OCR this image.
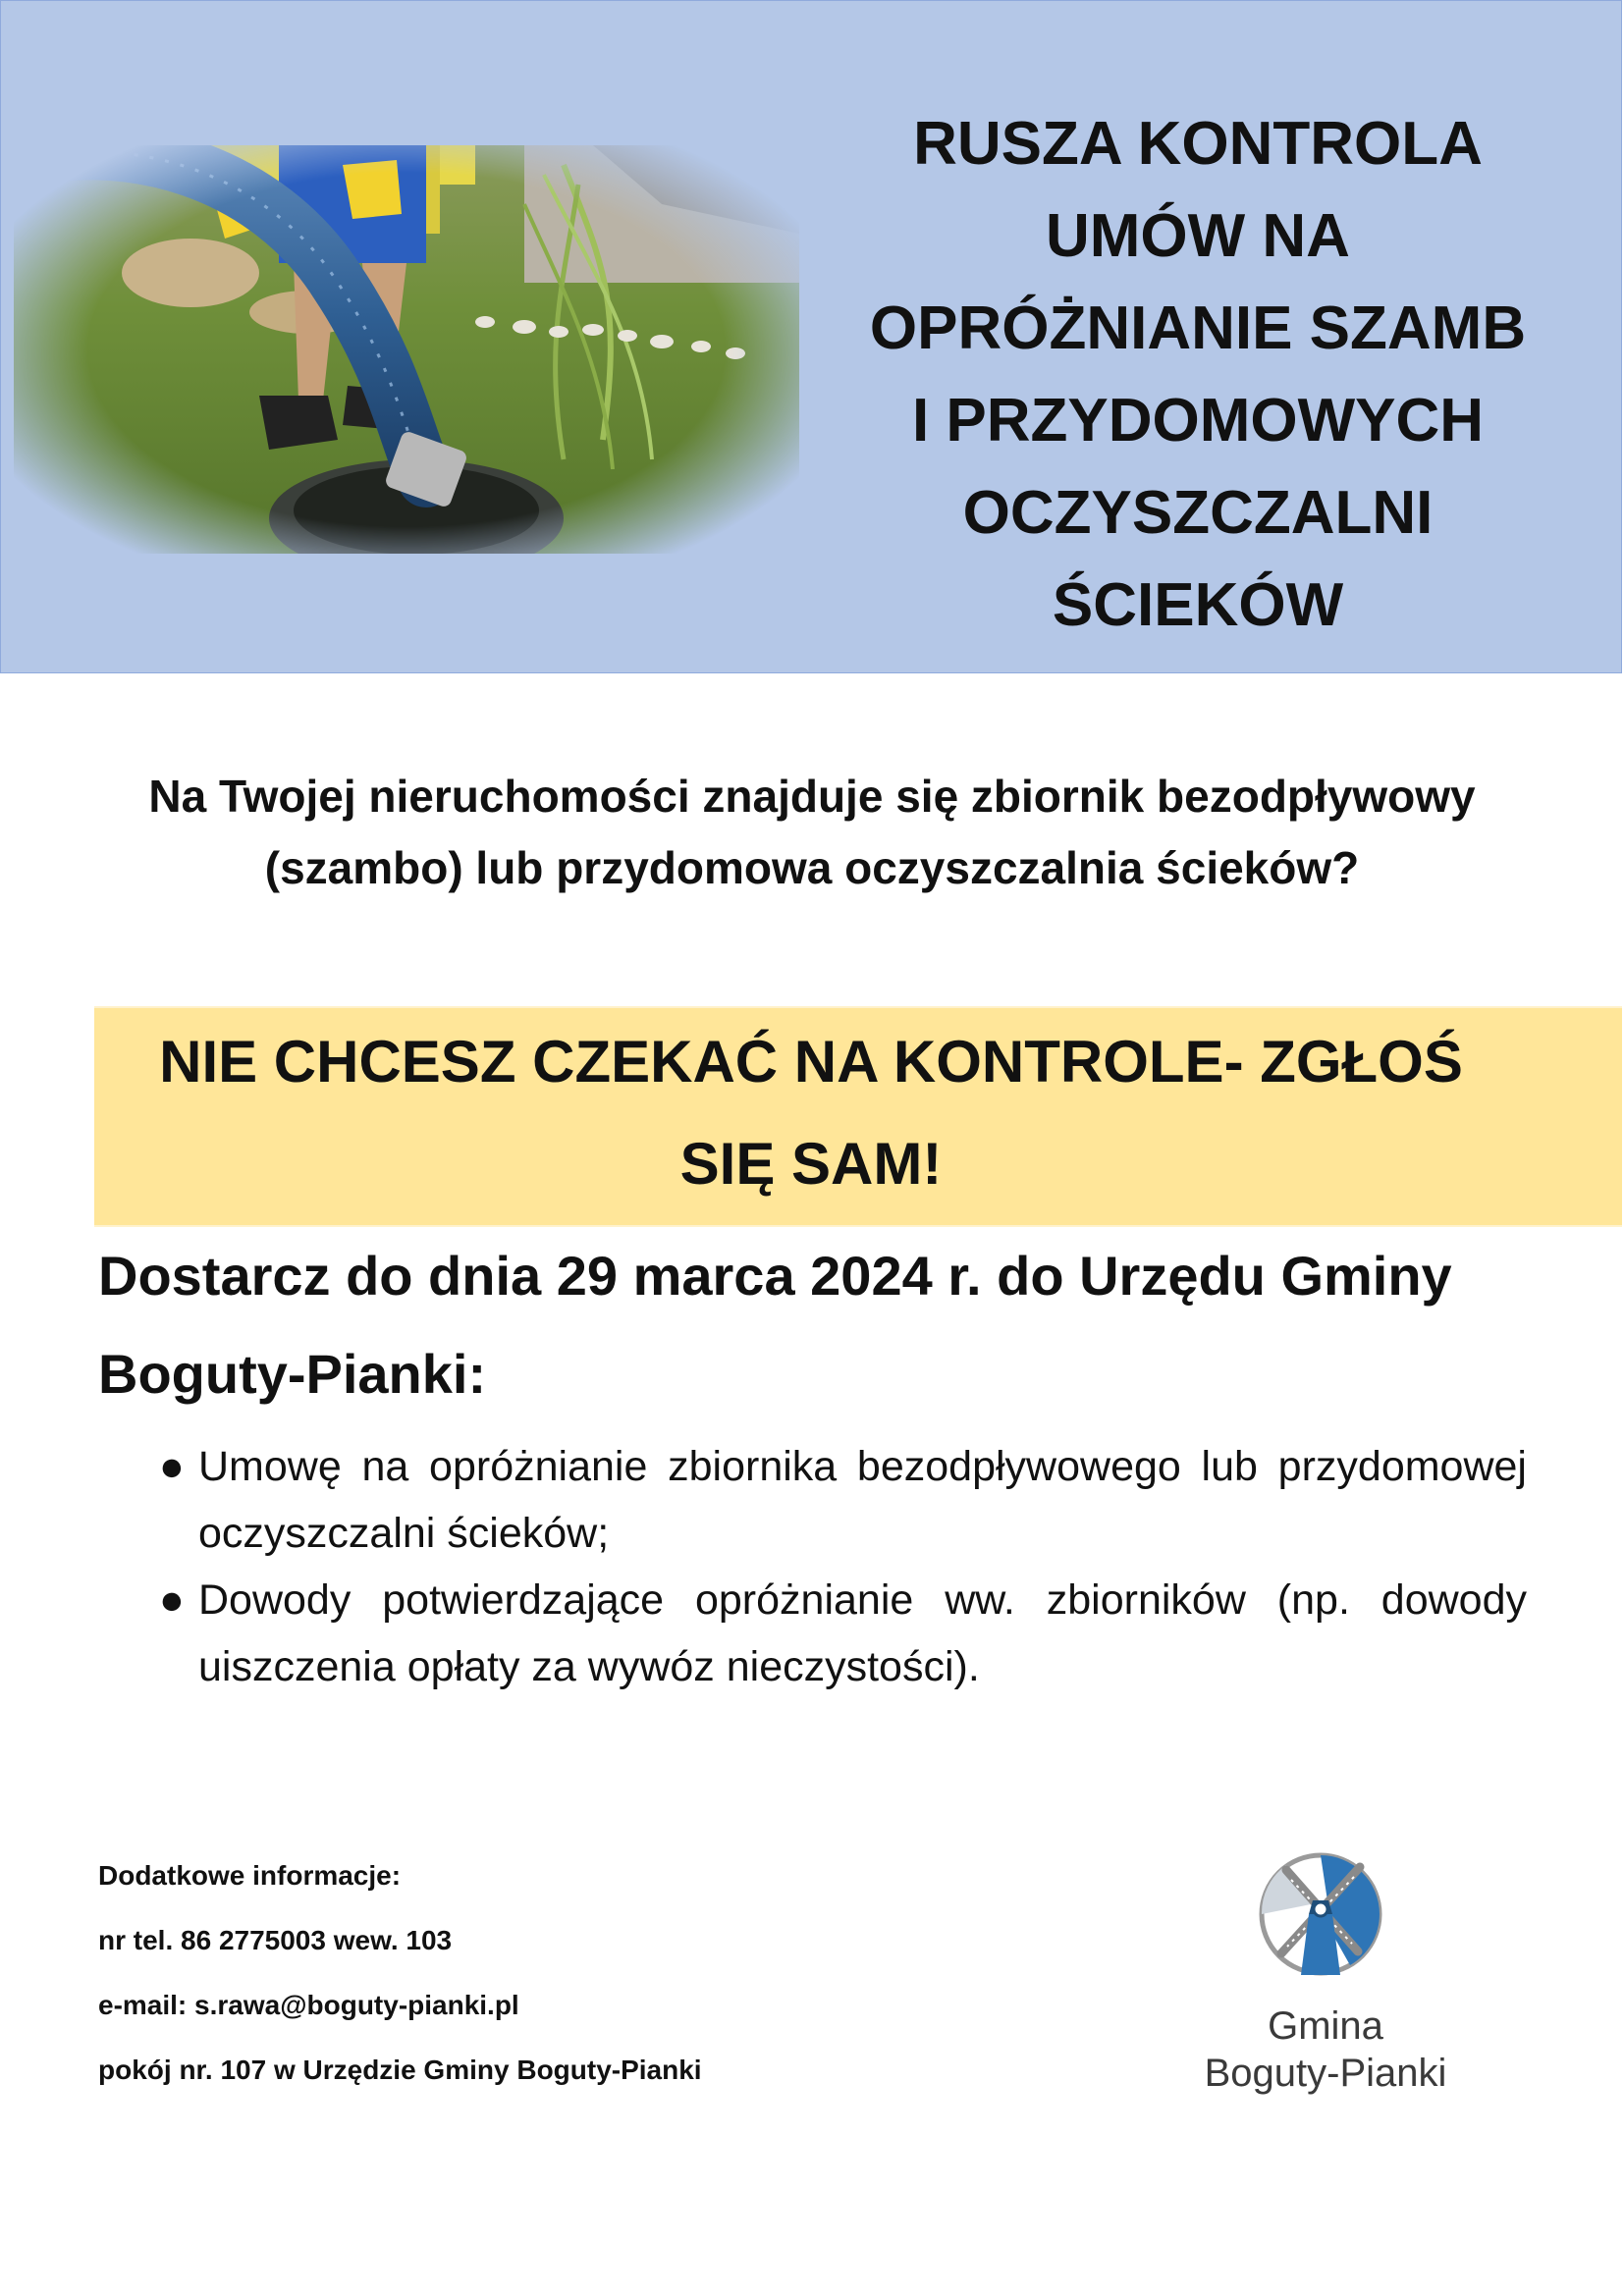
RUSZA KONTROLA
UMÓW NA
OPRÓŻNIANIE SZAMB
I PRZYDOMOWYCH
OCZYSZCZALNI
ŚCIEKÓW
Na Twojej nieruchomości znajduje się zbiornik bezodpływowy
(szambo) lub przydomowa oczyszczalnia ścieków?
NIE CHCESZ CZEKAĆ NA KONTROLE- ZGŁOŚ
SIĘ SAM!
Dostarcz do dnia 29 marca 2024 r. do Urzędu Gminy
Boguty-Pianki:
● Umowę na opróżnianie zbiornika bezodpływowego lub przydomowej oczyszczalni ścieków;
● Dowody potwierdzające opróżnianie ww. zbiorników (np. dowody uiszczenia opłaty za wywóz nieczystości).
Dodatkowe informacje:
nr tel. 86 2775003 wew. 103
e-mail: s.rawa@boguty-pianki.pl
pokój nr. 107 w Urzędzie Gminy Boguty-Pianki
Gmina
Boguty-Pianki
